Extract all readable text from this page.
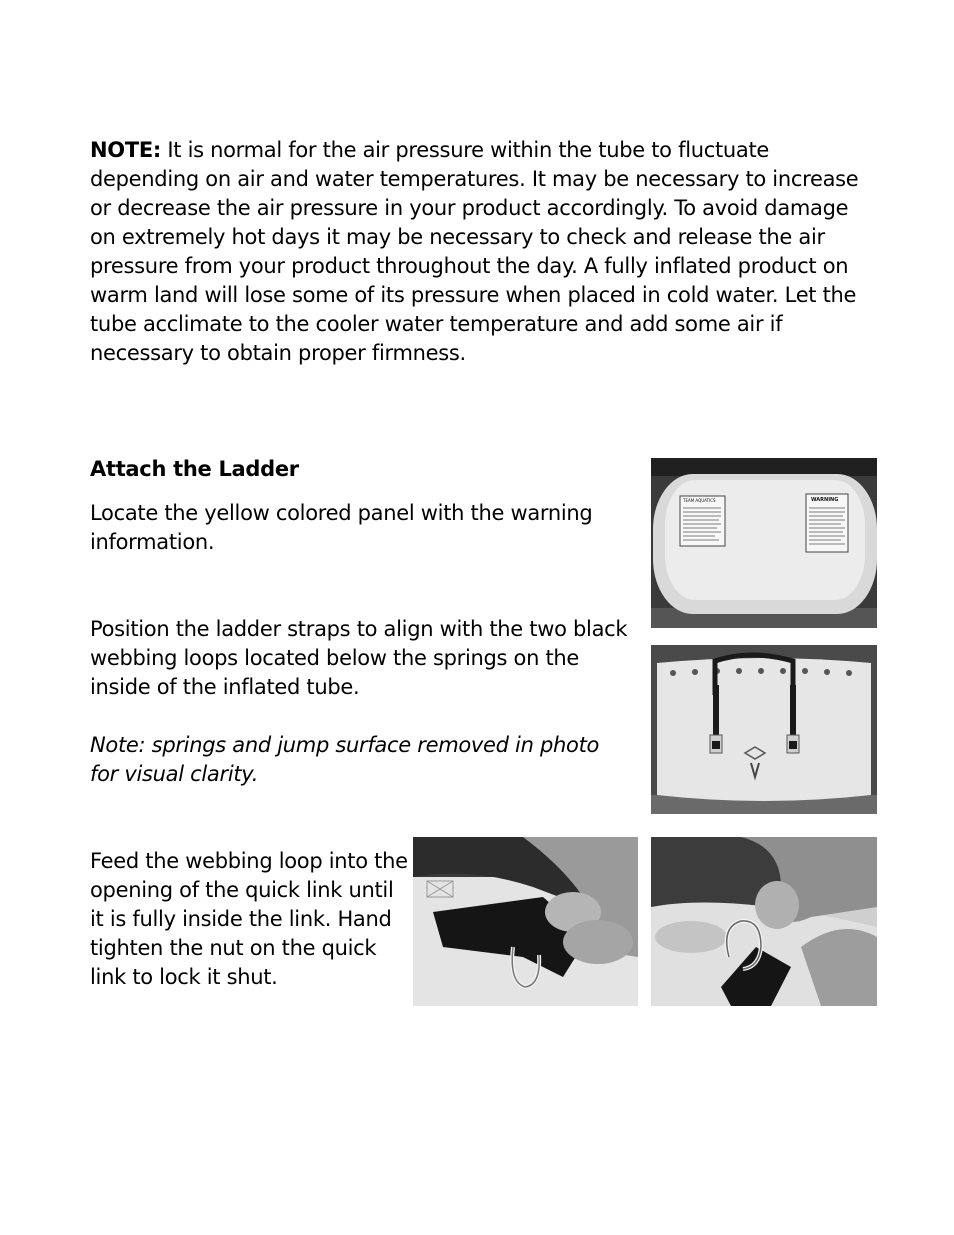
NOTE: It is normal for the air pressure within the tube to fluctuate depending on air and water temperatures. It may be necessary to increase or decrease the air pressure in your product accordingly. To avoid damage on extremely hot days it may be necessary to check and release the air pressure from your product throughout the day. A fully inflated product on warm land will lose some of its pressure when placed in cold water. Let the tube acclimate to the cooler water temperature and add some air if necessary to obtain proper firmness.
Attach the Ladder
Locate the yellow colored panel with the warning information.
Position the ladder straps to align with the two black webbing loops located below the springs on the inside of the inflated tube.
Note: springs and jump surface removed in photo for visual clarity.
Feed the webbing loop into the opening of the quick link until it is fully inside the link. Hand tighten the nut on the quick link to lock it shut.
TEAM AQUATICS	WARNING
